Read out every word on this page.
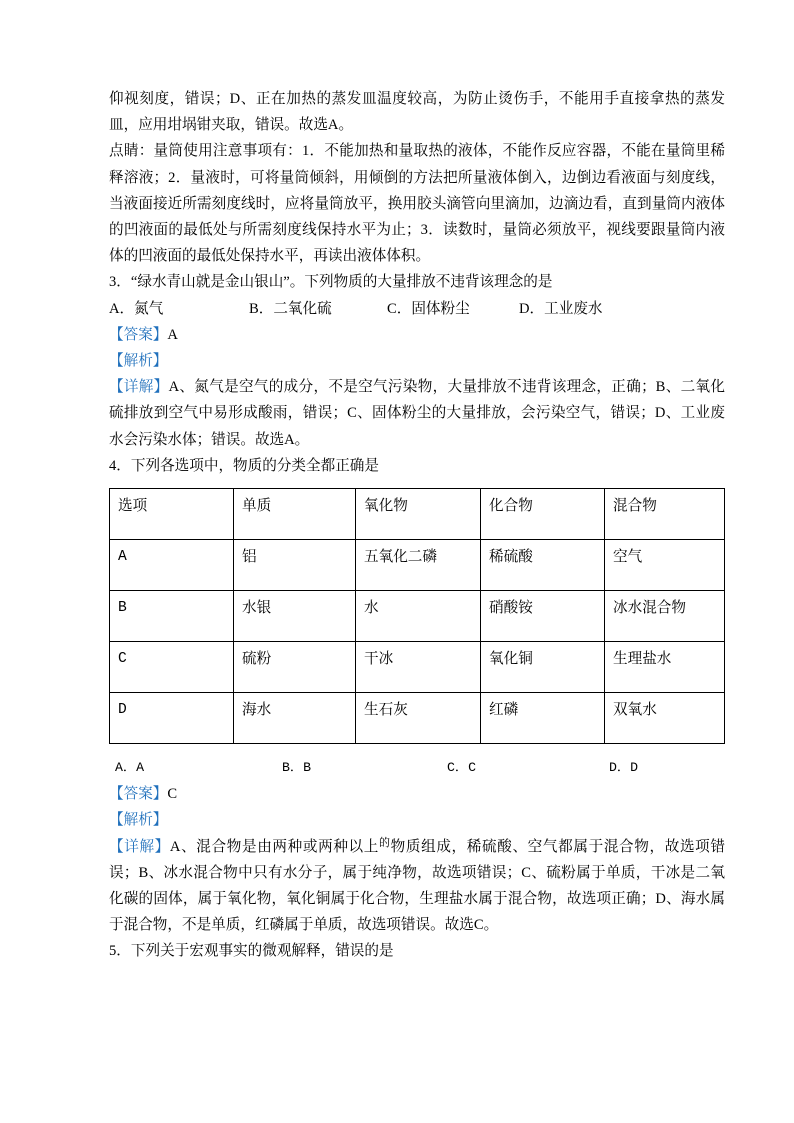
仰视刻度，错误；D、正在加热的蒸发皿温度较高，为防止烫伤手，不能用手直接拿热的蒸发皿，应用坩埚钳夹取，错误。故选A。

点睛：量筒使用注意事项有：1．不能加热和量取热的液体，不能作反应容器，不能在量筒里稀释溶液；2．量液时，可将量筒倾斜，用倾倒的方法把所量液体倒入，边倒边看液面与刻度线，当液面接近所需刻度线时，应将量筒放平，换用胶头滴管向里滴加，边滴边看，直到量筒内液体的凹液面的最低处与所需刻度线保持水平为止；3．读数时，量筒必须放平，视线要跟量筒内液体的凹液面的最低处保持水平，再读出液体体积。

3．“绿水青山就是金山银山”。下列物质的大量排放不违背该理念的是

A．氮气	B．二氧化硫	C．固体粉尘	D．工业废水

【答案】A

【解析】

【详解】A、氮气是空气的成分，不是空气污染物，大量排放不违背该理念，正确；B、二氧化硫排放到空气中易形成酸雨，错误；C、固体粉尘的大量排放，会污染空气，错误；D、工业废水会污染水体；错误。故选A。

4．下列各选项中，物质的分类全都正确是

选项	单质	氧化物	化合物	混合物
A	铝	五氧化二磷	稀硫酸	空气
B	水银	水	硝酸铵	冰水混合物
C	硫粉	干冰	氧化铜	生理盐水
D	海水	生石灰	红磷	双氧水
A．A	B．B	C．C	D．D

【答案】C

【解析】

【详解】A、混合物是由两种或两种以上$^的$物质组成，稀硫酸、空气都属于混合物，故选项错误；B、冰水混合物中只有水分子，属于纯净物，故选项错误；C、硫粉属于单质，干冰是二氧化碳的固体，属于氧化物，氧化铜属于化合物，生理盐水属于混合物，故选项正确；D、海水属于混合物，不是单质，红磷属于单质，故选项错误。故选C。

5．下列关于宏观事实的微观解释，错误的是
